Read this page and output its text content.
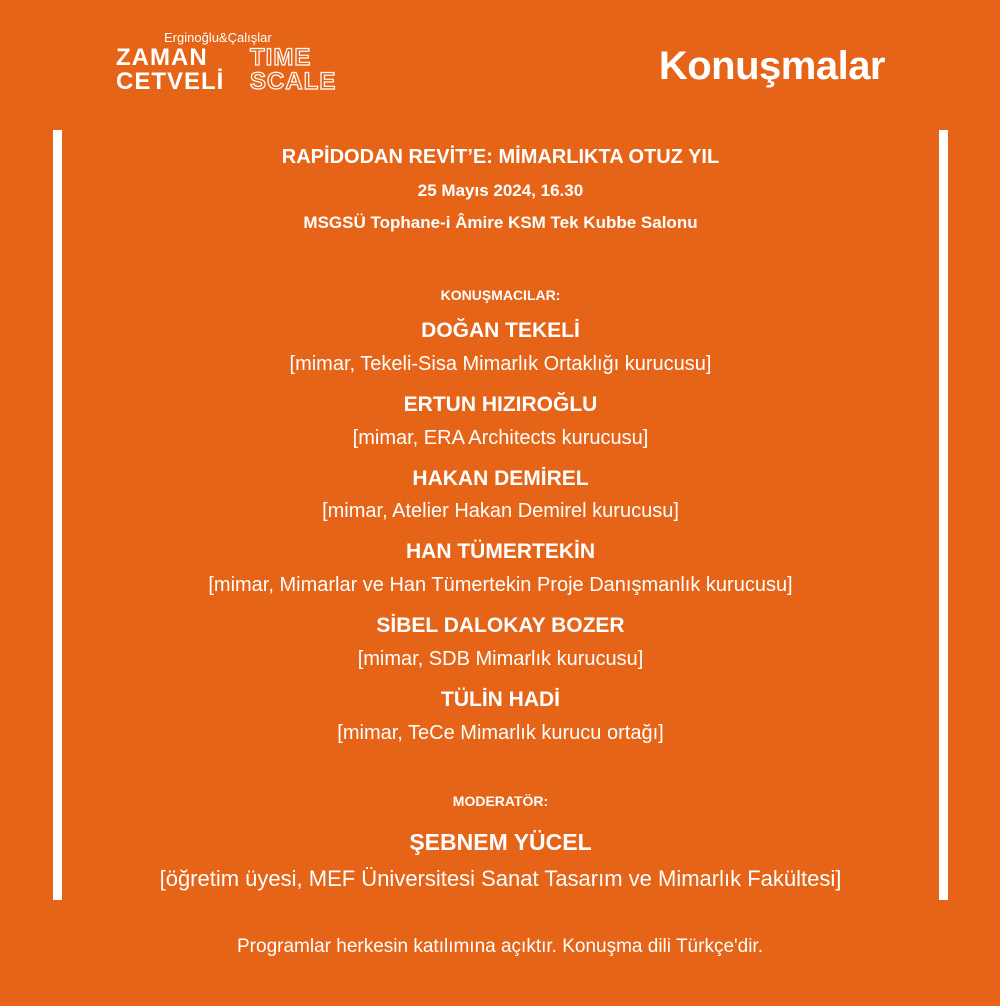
Erginoğlu&Çalışlar
ZAMAN
CETVELİ
TIME
SCALE	Konuşmalar
RAPİDODAN REVİT’E: MİMARLIKTA OTUZ YIL
25 Mayıs 2024, 16.30
MSGSÜ Tophane-i Âmire KSM Tek Kubbe Salonu
KONUŞMACILAR:
DOĞAN TEKELİ
[mimar, Tekeli-Sisa Mimarlık Ortaklığı kurucusu]
ERTUN HIZIROĞLU
[mimar, ERA Architects kurucusu]
HAKAN DEMİREL
[mimar, Atelier Hakan Demirel kurucusu]
HAN TÜMERTEKİN
[mimar, Mimarlar ve Han Tümertekin Proje Danışmanlık kurucusu]
SİBEL DALOKAY BOZER
[mimar, SDB Mimarlık kurucusu]
TÜLİN HADİ
[mimar, TeCe Mimarlık kurucu ortağı]
MODERATÖR:
ŞEBNEM YÜCEL
[öğretim üyesi, MEF Üniversitesi Sanat Tasarım ve Mimarlık Fakültesi]
Programlar herkesin katılımına açıktır. Konuşma dili Türkçe'dir.
